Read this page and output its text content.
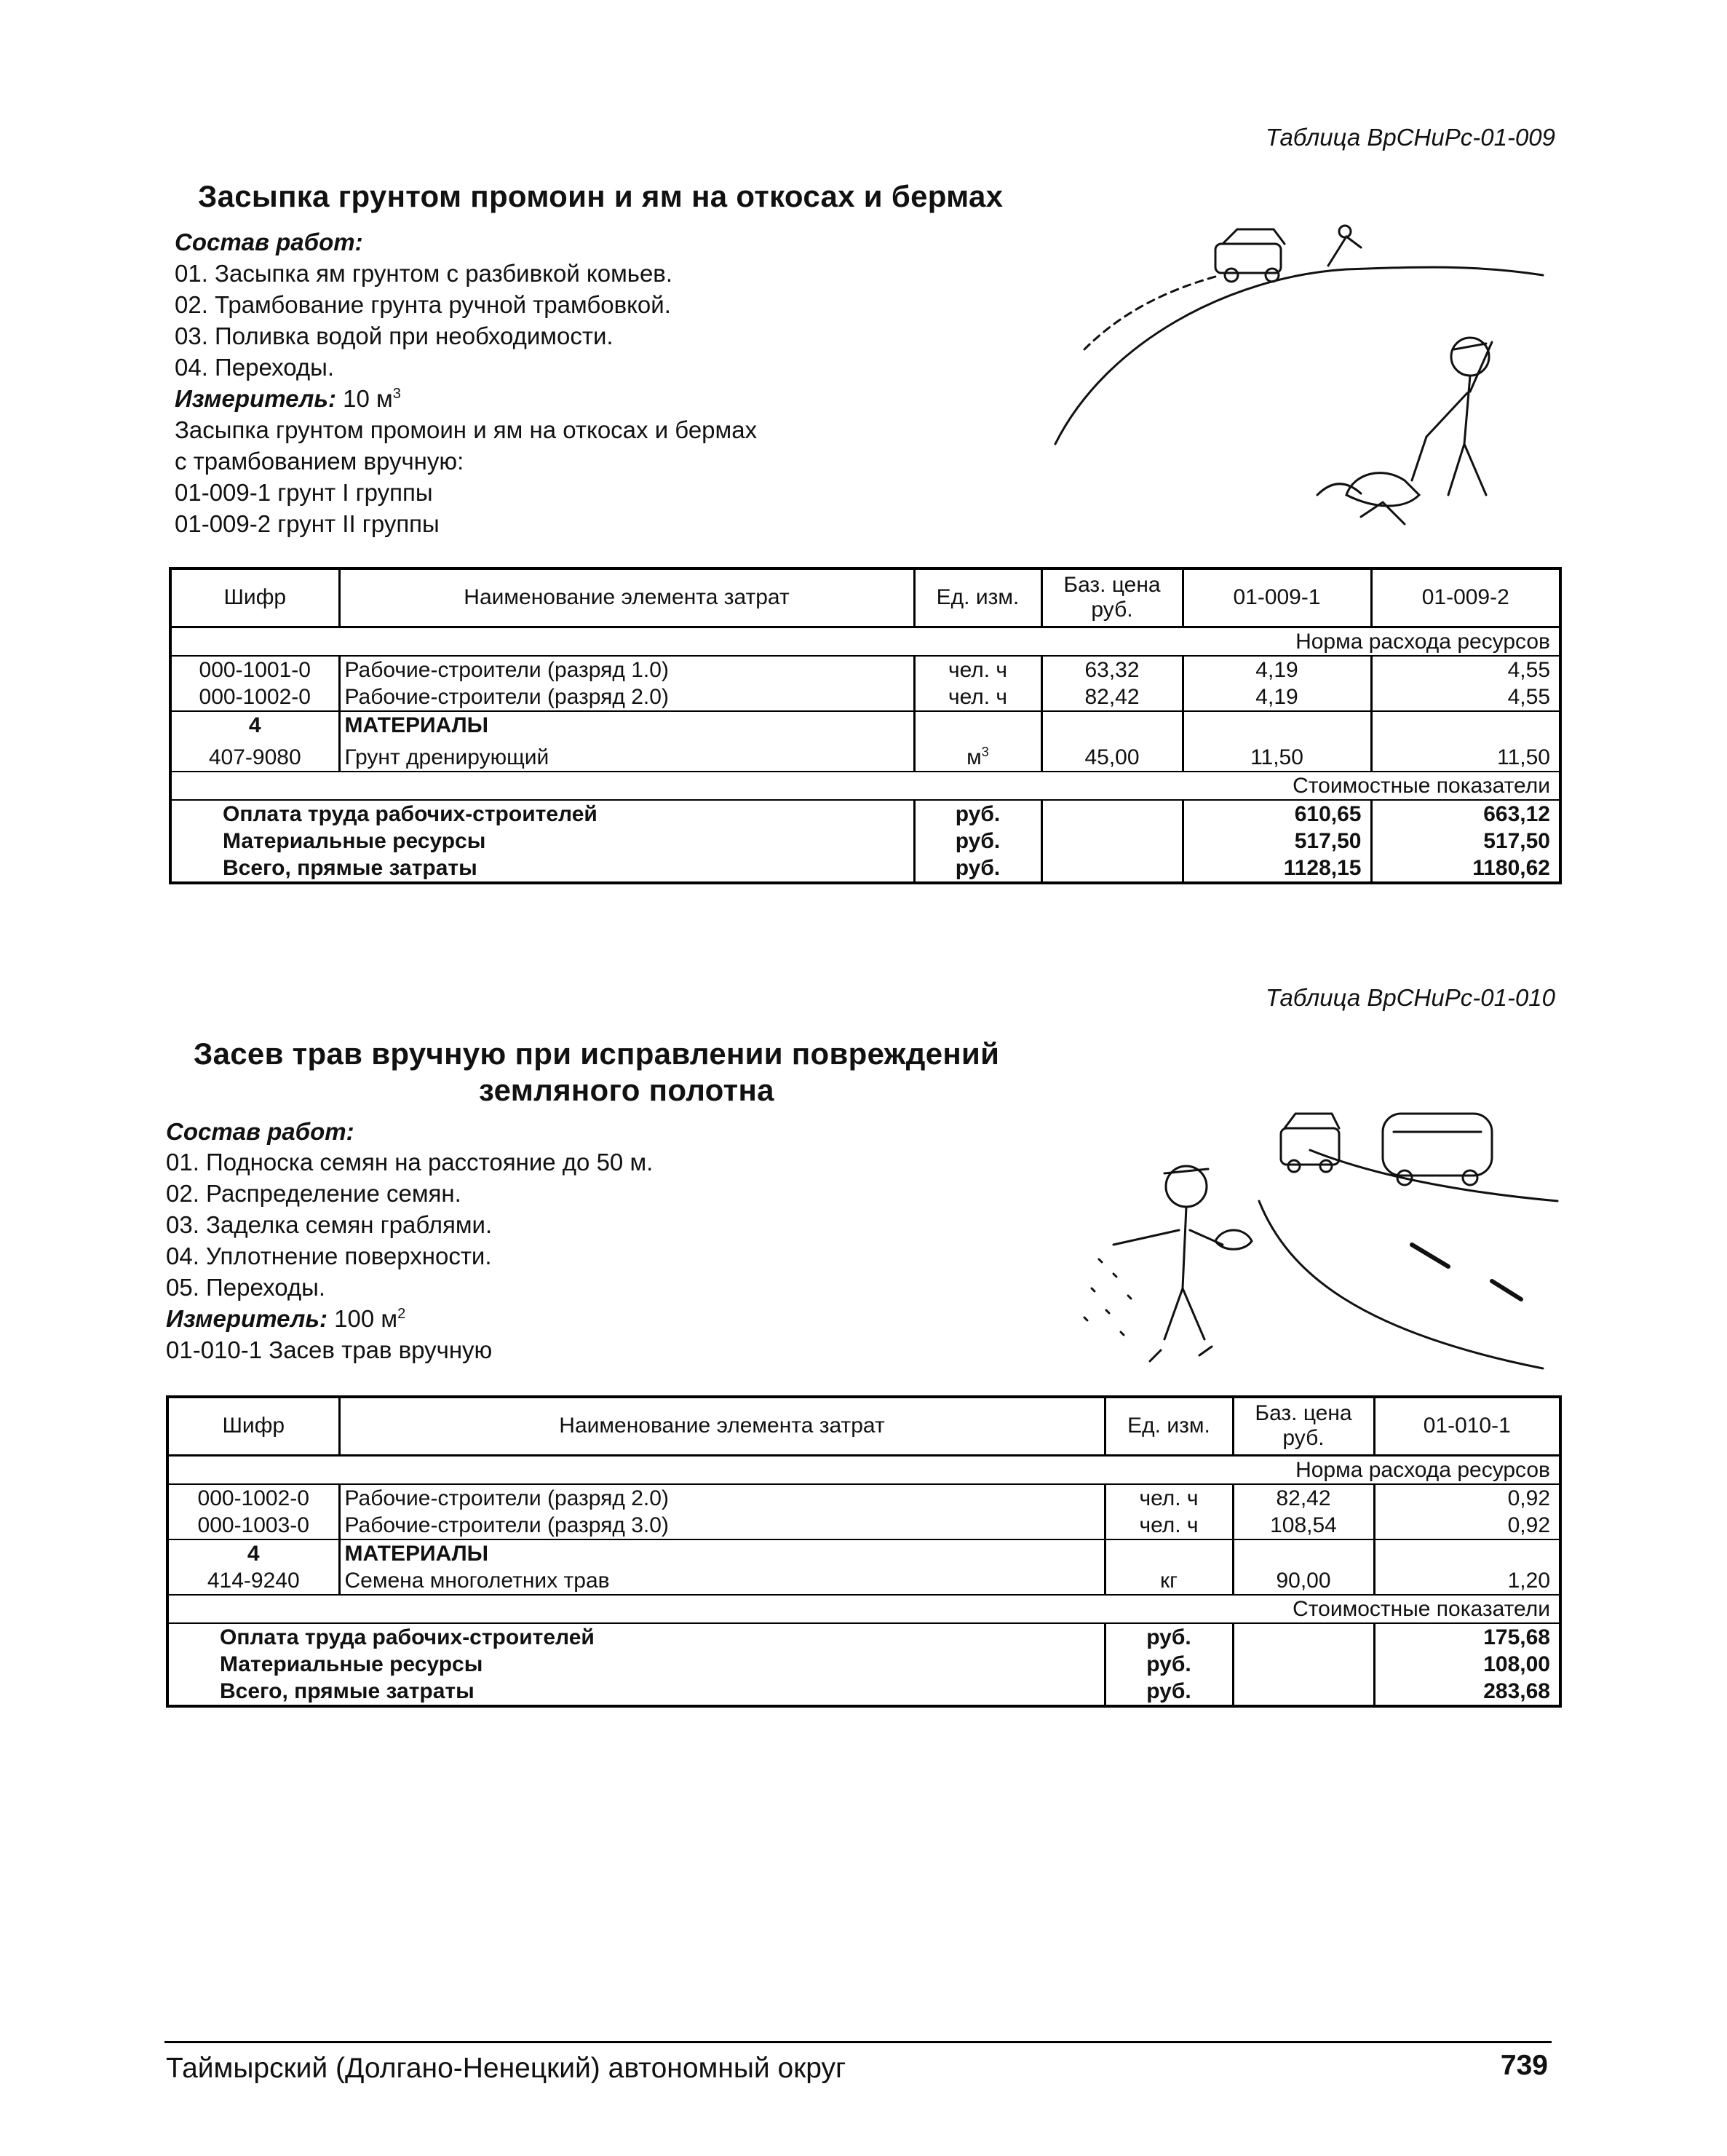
Таблица ВрСНиРс-01-009
Засыпка грунтом промоин и ям на откосах и бермах
Состав работ:
01. Засыпка ям грунтом с разбивкой комьев.
02. Трамбование грунта ручной трамбовкой.
03. Поливка водой при необходимости.
04. Переходы.
Измеритель: 10 $м^3$
Засыпка грунтом промоин и ям на откосах и бермах
с трамбованием вручную:
01-009-1 грунт I группы
01-009-2 грунт II группы
Шифр	Наименование элемента затрат	Ед. изм.	Баз. цена руб.	01-009-1	01-009-2
Норма расхода ресурсов					
000-1001-0	Рабочие-строители (разряд 1.0)	чел. ч	63,32	4,19	4,55
000-1002-0	Рабочие-строители (разряд 2.0)	чел. ч	82,42	4,19	4,55
4	МАТЕРИАЛЫ				
407-9080	Грунт дренирующий	$м^3$	45,00	11,50	11,50
Стоимостные показатели					
Оплата труда рабочих-строителей		руб.		610,65	663,12
Материальные ресурсы		руб.		517,50	517,50
Всего, прямые затраты		руб.		1128,15	1180,62
Таблица ВрСНиРс-01-010
Засев трав вручную при исправлении повреждений
земляного полотна
Состав работ:
01. Подноска семян на расстояние до 50 м.
02. Распределение семян.
03. Заделка семян граблями.
04. Уплотнение поверхности.
05. Переходы.
Измеритель: 100 $м^2$
01-010-1 Засев трав вручную
Шифр	Наименование элемента затрат	Ед. изм.	Баз. цена руб.	01-010-1
Норма расхода ресурсов				
000-1002-0	Рабочие-строители (разряд 2.0)	чел. ч	82,42	0,92
000-1003-0	Рабочие-строители (разряд 3.0)	чел. ч	108,54	0,92
4	МАТЕРИАЛЫ			
414-9240	Семена многолетних трав	кг	90,00	1,20
Стоимостные показатели				
Оплата труда рабочих-строителей		руб.		175,68
Материальные ресурсы		руб.		108,00
Всего, прямые затраты		руб.		283,68
Таймырский (Долгано-Ненецкий) автономный округ	739
